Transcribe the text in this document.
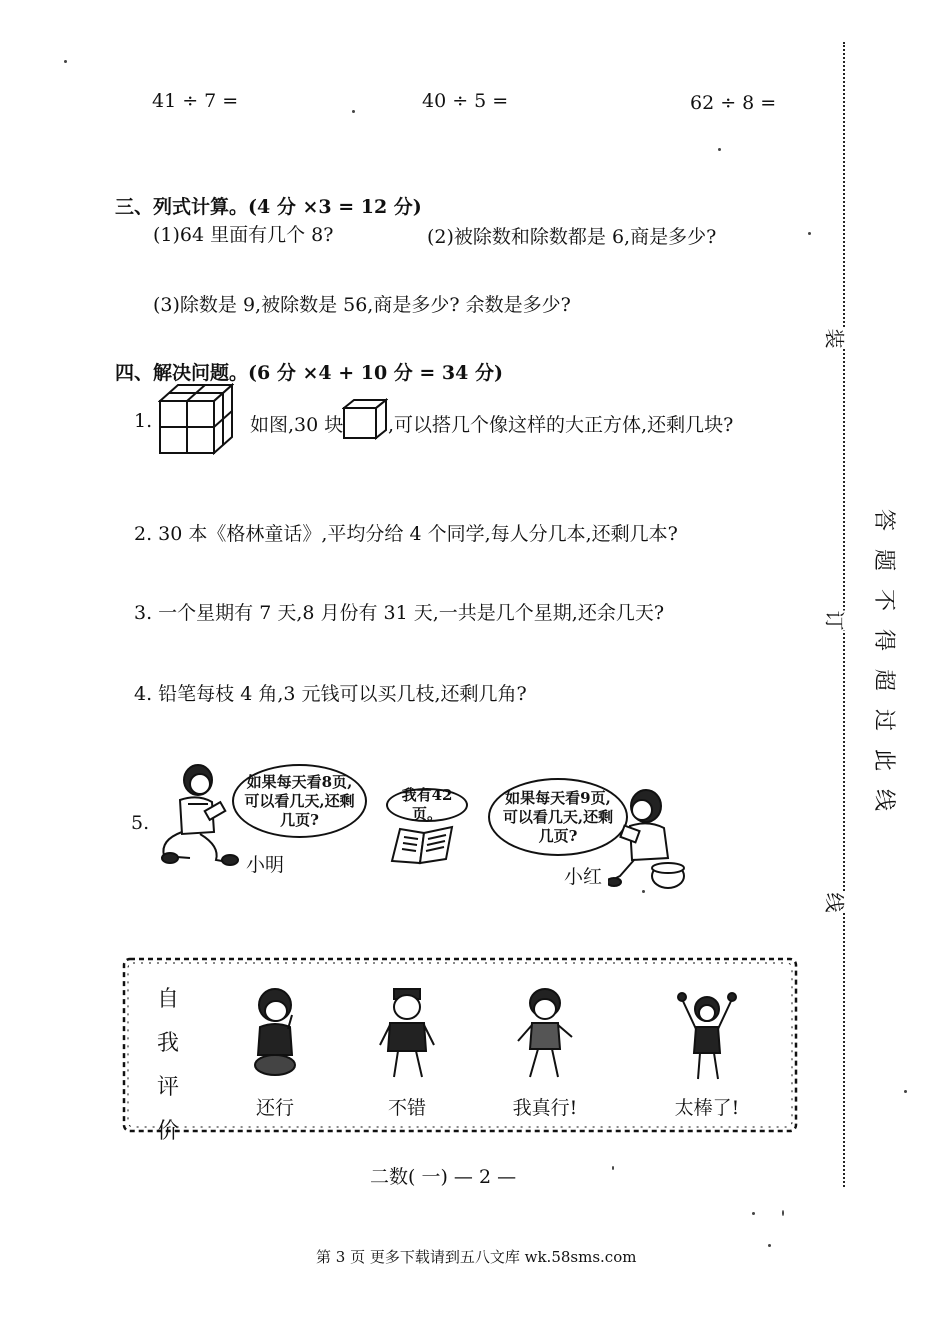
41 ÷ 7 =	40 ÷ 5 =	62 ÷ 8 =
三、列式计算。(4 分 ×3 = 12 分)
(1)64 里面有几个 8?	(2)被除数和除数都是 6,商是多少?
(3)除数是 9,被除数是 56,商是多少? 余数是多少?
四、解决问题。(6 分 ×4 + 10 分 = 34 分)
1.	如图,30 块 ,可以搭几个像这样的大正方体,还剩几块?
2. 30 本《格林童话》,平均分给 4 个同学,每人分几本,还剩几本?
3. 一个星期有 7 天,8 月份有 31 天,一共是几个星期,还余几天?
4. 铅笔每枝 4 角,3 元钱可以买几枝,还剩几角?
5.
如果每天看8页,可以看几天,还剩几页?
小明
我有42页。
如果每天看9页,可以看几天,还剩几页?
小红
自
我
评
价
还行	不错	我真行!	太棒了!
二数( 一) — 2 —
第 3 页 更多下载请到五八文库 wk.58sms.com
装
订
线
答
题
不
得
超
过
此
线
